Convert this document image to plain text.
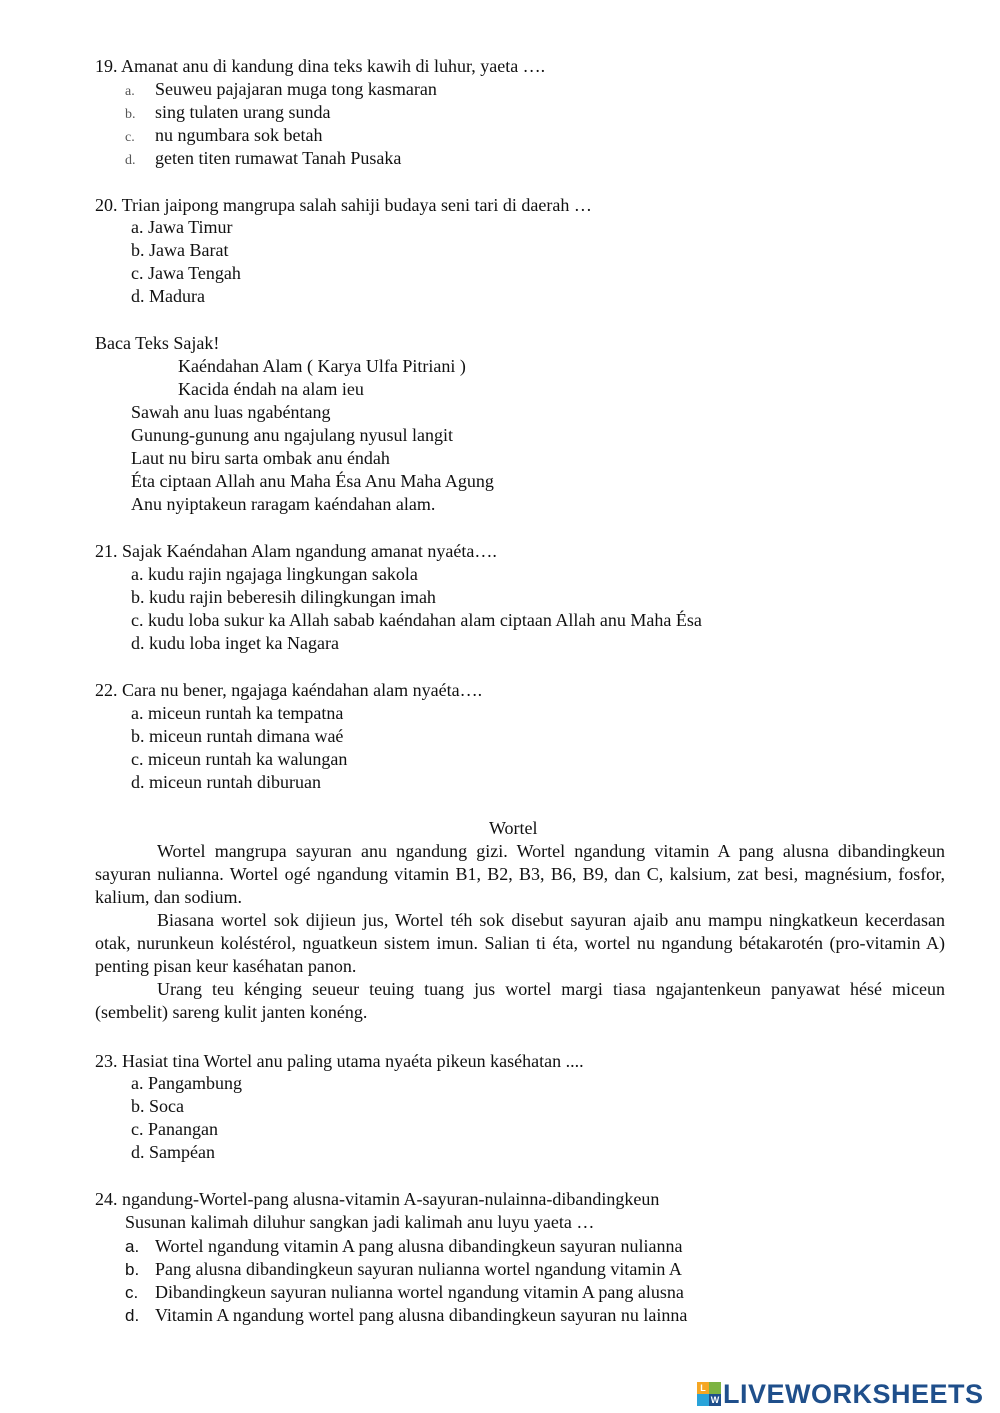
19. Amanat anu di kandung dina teks kawih di luhur, yaeta ….
a. Seuweu pajajaran muga tong kasmaran
b. sing tulaten urang sunda
c. nu ngumbara sok betah
d. geten titen rumawat Tanah Pusaka
20. Trian jaipong mangrupa salah sahiji budaya seni tari di daerah …
a. Jawa Timur
b. Jawa Barat
c. Jawa Tengah
d. Madura
Baca Teks Sajak!
Kaéndahan Alam ( Karya Ulfa Pitriani )
Kacida éndah na alam ieu
Sawah anu luas ngabéntang
Gunung-gunung anu ngajulang nyusul langit
Laut nu biru sarta ombak anu éndah
Éta ciptaan Allah anu Maha Ésa Anu Maha Agung
Anu nyiptakeun raragam kaéndahan alam.
21. Sajak Kaéndahan Alam ngandung amanat nyaéta….
a. kudu rajin ngajaga lingkungan sakola
b. kudu rajin beberesih dilingkungan imah
c. kudu loba sukur ka Allah sabab kaéndahan alam ciptaan Allah anu Maha Ésa
d. kudu loba inget ka Nagara
22. Cara nu bener, ngajaga kaéndahan alam nyaéta….
a. miceun runtah ka tempatna
b. miceun runtah dimana waé
c. miceun runtah ka walungan
d. miceun runtah diburuan
Wortel

Wortel mangrupa sayuran anu ngandung gizi. Wortel ngandung vitamin A pang alusna dibandingkeun sayuran nulianna. Wortel ogé ngandung vitamin B1, B2, B3, B6, B9, dan C, kalsium, zat besi, magnésium, fosfor, kalium, dan sodium.

Biasana wortel sok dijieun jus, Wortel téh sok disebut sayuran ajaib anu mampu ningkatkeun kecerdasan otak, nurunkeun koléstérol, nguatkeun sistem imun. Salian ti éta, wortel nu ngandung bétakarotén (pro-vitamin A) penting pisan keur kaséhatan panon.

Urang teu kénging seueur teuing tuang jus wortel margi tiasa ngajantenkeun panyawat hésé miceun (sembelit) sareng kulit janten konéng.

23. Hasiat tina Wortel anu paling utama nyaéta pikeun kaséhatan ....
a. Pangambung
b. Soca
c. Panangan
d. Sampéan
24. ngandung-Wortel-pang alusna-vitamin A-sayuran-nulainna-dibandingkeun
Susunan kalimah diluhur sangkan jadi kalimah anu luyu yaeta …
a. Wortel ngandung vitamin A pang alusna dibandingkeun sayuran nulianna
b. Pang alusna dibandingkeun sayuran nulianna wortel ngandung vitamin A
c. Dibandingkeun sayuran nulianna wortel ngandung vitamin A pang alusna
d. Vitamin A ngandung wortel pang alusna dibandingkeun sayuran nu lainna
L
W LIVEWORKSHEETS
